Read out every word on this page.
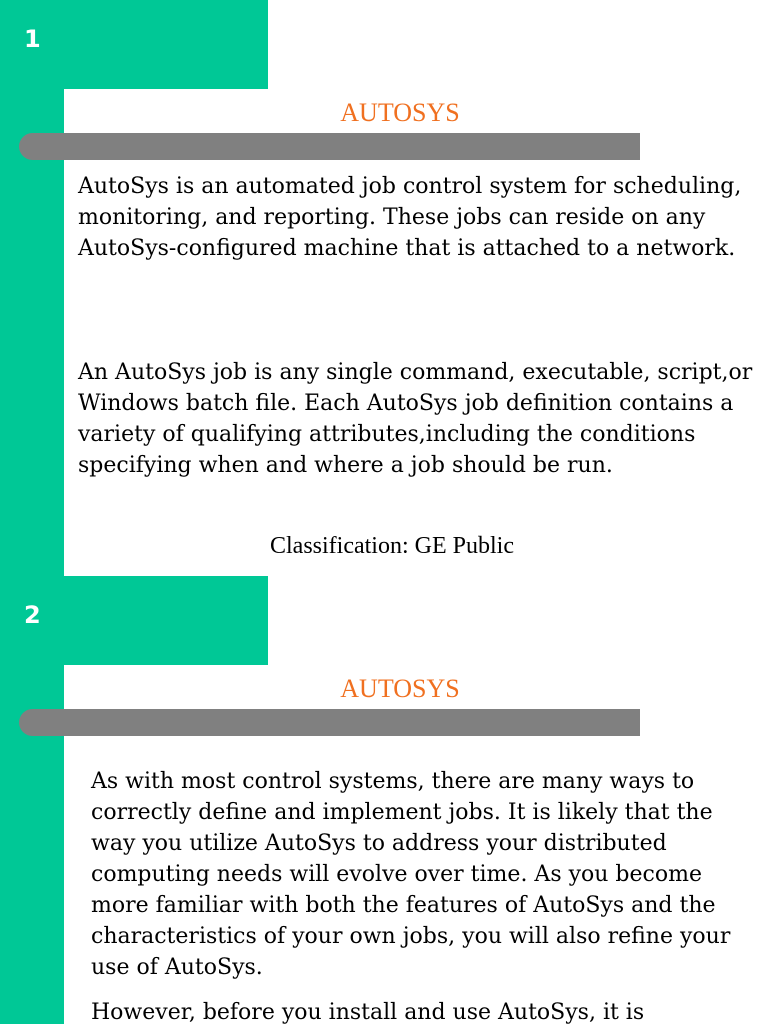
1
AUTOSYS

AutoSys is an automated job control system for scheduling, monitoring, and reporting. These jobs can reside on any AutoSys-configured machine that is attached to a network.

An AutoSys job is any single command, executable, script,or Windows batch file. Each AutoSys job definition contains a variety of qualifying attributes,including the conditions specifying when and where a job should be run.

Classification: GE Public
2
AUTOSYS

As with most control systems, there are many ways to correctly define and implement jobs. It is likely that the way you utilize AutoSys to address your distributed computing needs will evolve over time. As you become more familiar with both the features of AutoSys and the characteristics of your own jobs, you will also refine your use of AutoSys.

However, before you install and use AutoSys, it is
